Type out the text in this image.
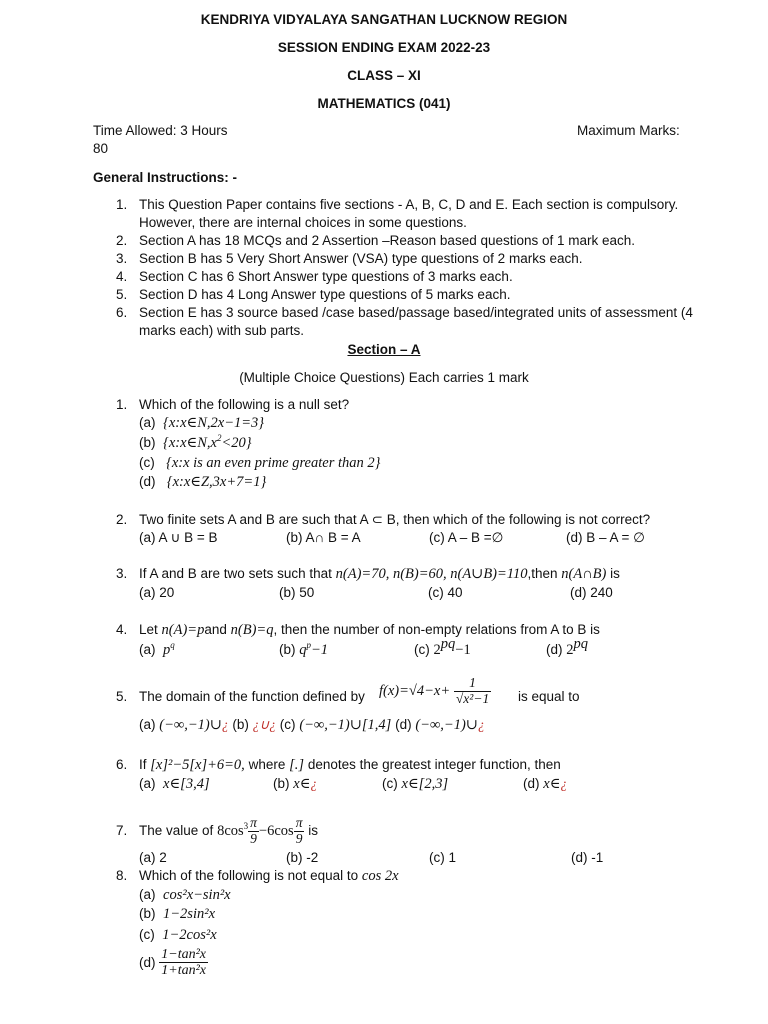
KENDRIYA VIDYALAYA SANGATHAN LUCKNOW REGION
SESSION ENDING EXAM 2022-23
CLASS – XI
MATHEMATICS (041)
Time Allowed: 3 Hours	Maximum Marks:
80
General Instructions: -
1. This Question Paper contains five sections - A, B, C, D and E. Each section is compulsory.
However, there are internal choices in some questions.
2. Section A has 18 MCQs and 2 Assertion –Reason based questions of 1 mark each.
3. Section B has 5 Very Short Answer (VSA) type questions of 2 marks each.
4. Section C has 6 Short Answer type questions of 3 marks each.
5. Section D has 4 Long Answer type questions of 5 marks each.
6. Section E has 3 source based /case based/passage based/integrated units of assessment (4
marks each) with sub parts.
Section – A
(Multiple Choice Questions) Each carries 1 mark
1. Which of the following is a null set?
(a) {x:x∈N,2x−1=3}
(b) $\{x:x\in N,x^2<20\}$
(c) {x:x is an even prime greater than 2}
(d) {x:x∈Z,3x+7=1}
2. Two finite sets A and B are such that A ⊂ B, then which of the following is not correct?
(a) A ∪ B = B	(b) A∩ B = A	(c) A – B =∅	(d) B – A = ∅
3. If A and B are two sets such that n(A)=70, n(B)=60, n(A∪B)=110,then n(A∩B) is
(a) 20	(b) 50	(c) 40	(d) 240
4. Let n(A)=pand n(B)=q, then the number of non-empty relations from A to B is
(a) $p^q$	(b) $q^p-1$	(c) $2^{pq}-1$	(d) $2^{pq}$
5. The domain of the function defined by $f(x)=√4-x+ \frac{1}{\text{√x²−1}}$ is equal to
(a) (−∞,−1)∪¿ (b) ¿∪¿ (c) (−∞,−1)∪[1,4] (d) (−∞,−1)∪¿
6. If [x]²−5[x]+6=0, where [.] denotes the greatest integer function, then
(a) x∈[3,4]	(b) x∈¿	(c) x∈[2,3]	(d) x∈¿
7. The value of $8\cos^3 \frac{\pi}{9} -6\cos \frac{\pi}{9}$ is
(a) 2	(b) -2	(c) 1	(d) -1
8. Which of the following is not equal to cos 2x
(a) cos²x−sin²x
(b) 1−2sin²x
(c) 1−2cos²x
$(d) \frac{\text{1−tan²x}}{\text{1+tan²x}}$
